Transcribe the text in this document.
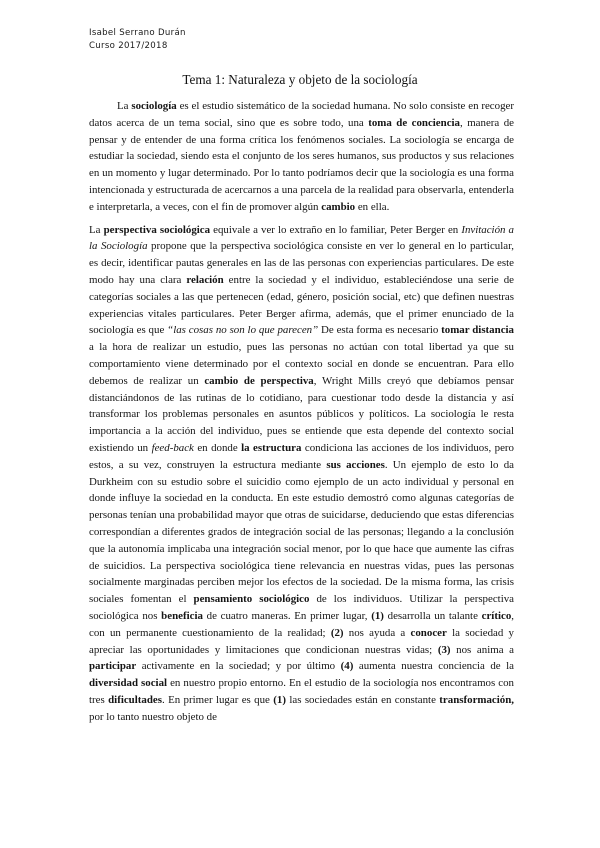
Isabel Serrano Durán
Curso 2017/2018
Tema 1: Naturaleza y objeto de la sociología

La sociología es el estudio sistemático de la sociedad humana. No solo consiste en recoger datos acerca de un tema social, sino que es sobre todo, una toma de conciencia, manera de pensar y de entender de una forma crítica los fenómenos sociales. La sociología se encarga de estudiar la sociedad, siendo esta el conjunto de los seres humanos, sus productos y sus relaciones en un momento y lugar determinado. Por lo tanto podríamos decir que la sociología es una forma intencionada y estructurada de acercarnos a una parcela de la realidad para observarla, entenderla e interpretarla, a veces, con el fin de promover algún cambio en ella.

La perspectiva sociológica equivale a ver lo extraño en lo familiar, Peter Berger en Invitación a la Sociología propone que la perspectiva sociológica consiste en ver lo general en lo particular, es decir, identificar pautas generales en las de las personas con experiencias particulares. De este modo hay una clara relación entre la sociedad y el individuo, estableciéndose una serie de categorías sociales a las que pertenecen (edad, género, posición social, etc) que definen nuestras experiencias vitales particulares. Peter Berger afirma, además, que el primer enunciado de la sociología es que “las cosas no son lo que parecen” De esta forma es necesario tomar distancia a la hora de realizar un estudio, pues las personas no actúan con total libertad ya que su comportamiento viene determinado por el contexto social en donde se encuentran. Para ello debemos de realizar un cambio de perspectiva, Wright Mills creyó que debíamos pensar distanciándonos de las rutinas de lo cotidiano, para cuestionar todo desde la distancia y así transformar los problemas personales en asuntos públicos y políticos. La sociología le resta importancia a la acción del individuo, pues se entiende que esta depende del contexto social existiendo un feed-back en donde la estructura condiciona las acciones de los individuos, pero estos, a su vez, construyen la estructura mediante sus acciones. Un ejemplo de esto lo da Durkheim con su estudio sobre el suicidio como ejemplo de un acto individual y personal en donde influye la sociedad en la conducta. En este estudio demostró como algunas categorías de personas tenían una probabilidad mayor que otras de suicidarse, deduciendo que estas diferencias correspondían a diferentes grados de integración social de las personas; llegando a la conclusión que la autonomía implicaba una integración social menor, por lo que hace que aumente las cifras de suicidios. La perspectiva sociológica tiene relevancia en nuestras vidas, pues las personas socialmente marginadas perciben mejor los efectos de la sociedad. De la misma forma, las crisis sociales fomentan el pensamiento sociológico de los individuos. Utilizar la perspectiva sociológica nos beneficia de cuatro maneras. En primer lugar, (1) desarrolla un talante crítico, con un permanente cuestionamiento de la realidad; (2) nos ayuda a conocer la sociedad y apreciar las oportunidades y limitaciones que condicionan nuestras vidas; (3) nos anima a participar activamente en la sociedad; y por último (4) aumenta nuestra conciencia de la diversidad social en nuestro propio entorno. En el estudio de la sociología nos encontramos con tres dificultades. En primer lugar es que (1) las sociedades están en constante transformación, por lo tanto nuestro objeto de
